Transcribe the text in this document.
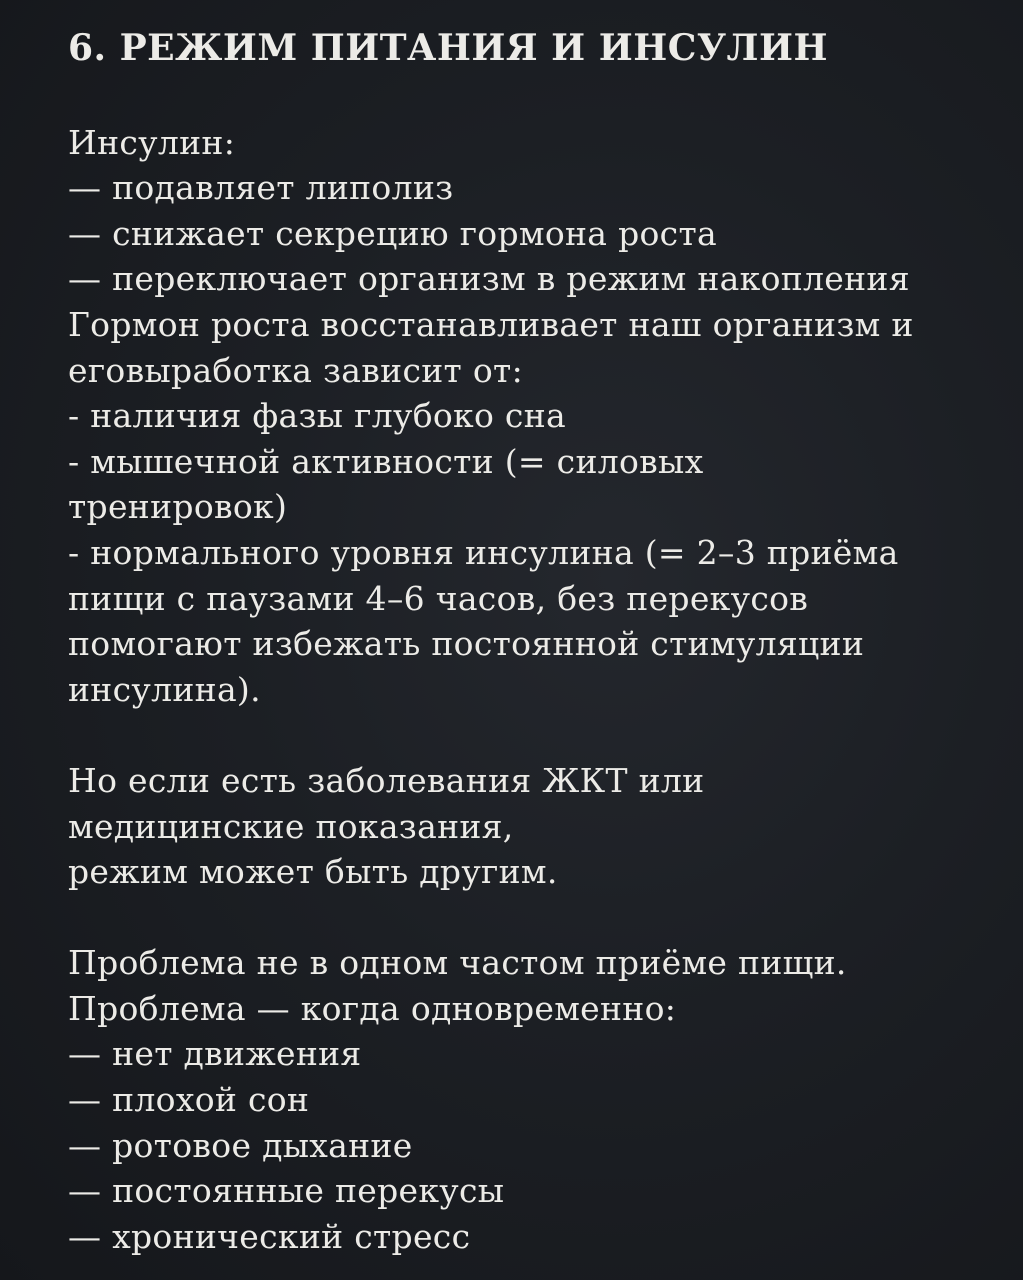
6. РЕЖИМ ПИТАНИЯ И ИНСУЛИН
Инсулин:
— подавляет липолиз
— снижает секрецию гормона роста
— переключает организм в режим накопления
Гормон роста восстанавливает наш организм и
еговыработка зависит от:
- наличия фазы глубоко сна
- мышечной активности (= силовых
тренировок)
- нормального уровня инсулина (= 2–3 приёма
пищи с паузами 4–6 часов, без перекусов
помогают избежать постоянной стимуляции
инсулина).
Но если есть заболевания ЖКТ или
медицинские показания,
режим может быть другим.
Проблема не в одном частом приёме пищи.
Проблема — когда одновременно:
— нет движения
— плохой сон
— ротовое дыхание
— постоянные перекусы
— хронический стресс
